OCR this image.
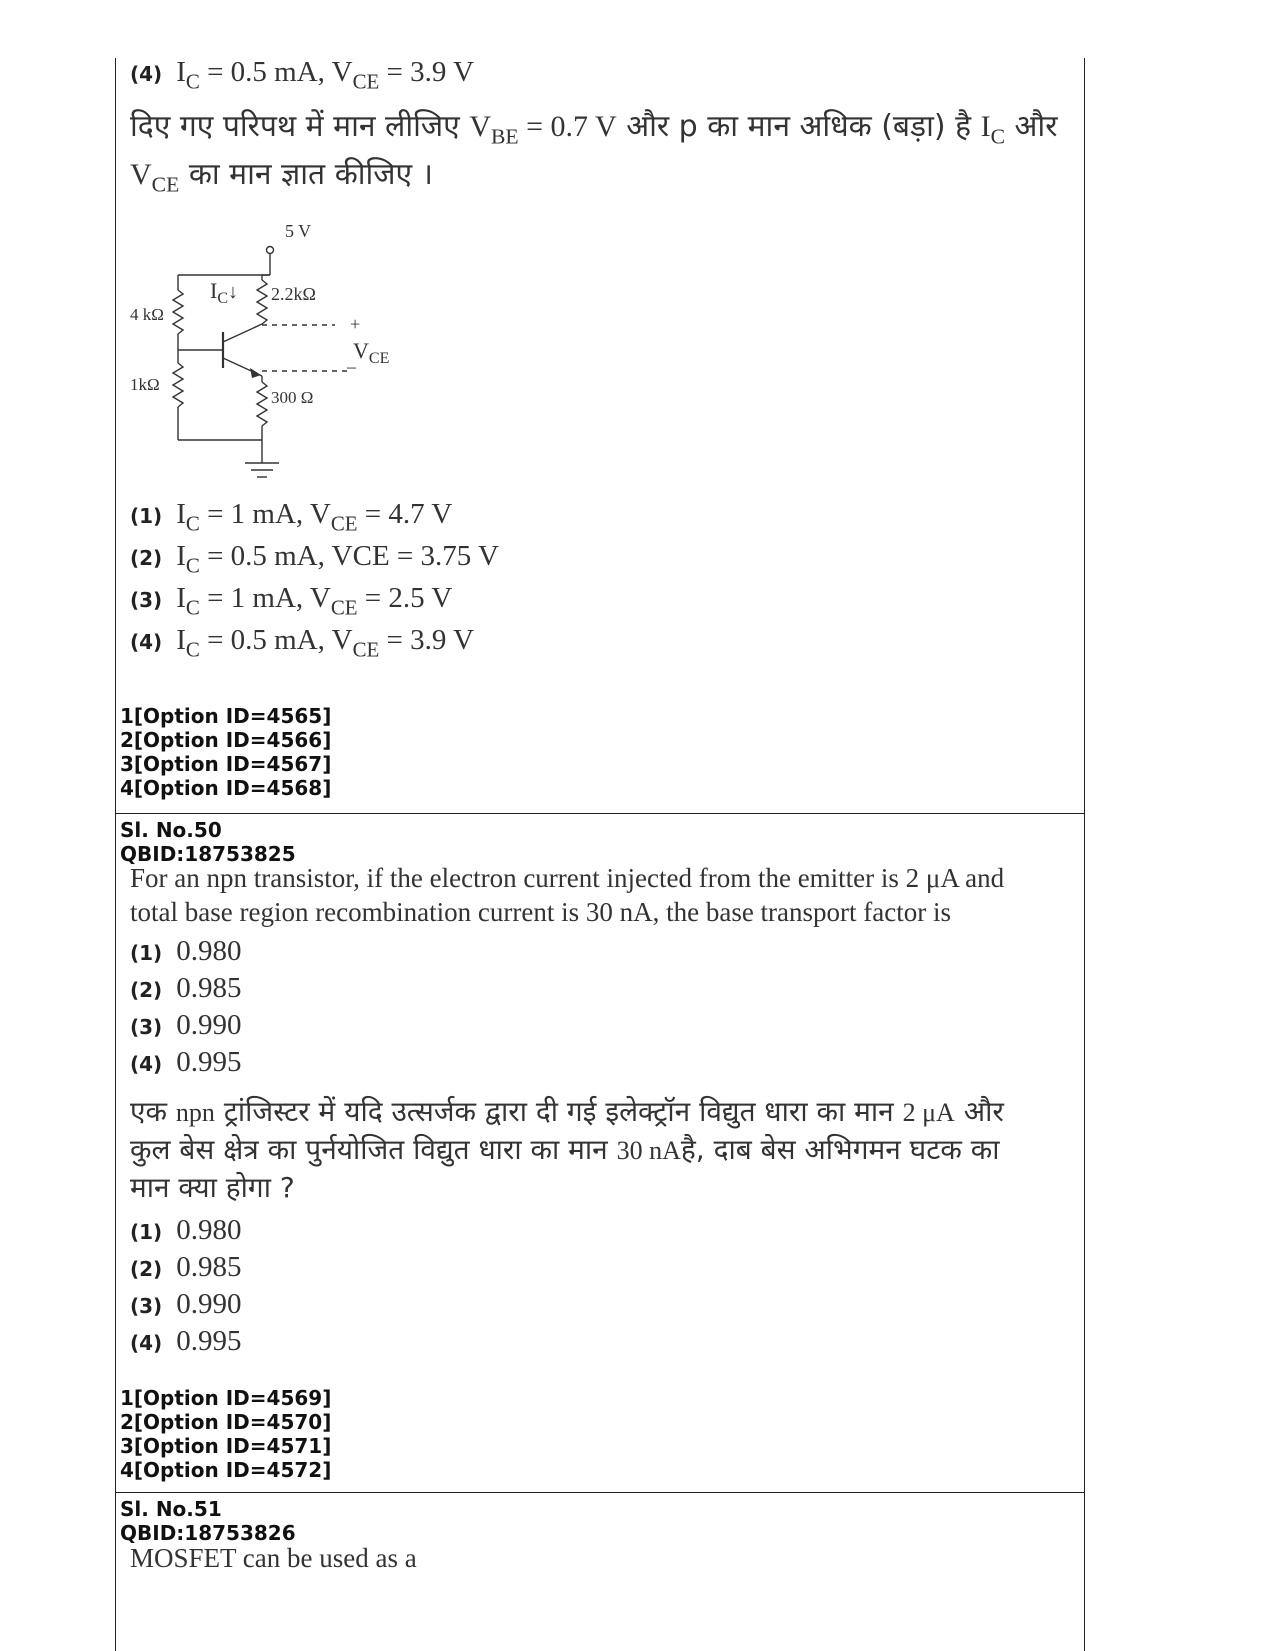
(4) $I_C = 0.5$ mA, $V_{CE} = 3.9$ V
दिए गए परिपथ में मान लीजिए $V_{BE} = 0.7$ V और p का मान अधिक (बड़ा) है $I_C$ और
$V_{CE}$ का मान ज्ञात कीजिए ।
5 V
4 kΩ
1kΩ
2.2kΩ
300 Ω
$I_C↓$
+
_
$V_{CE}$
(1) $I_C = 1$ mA, $V_{CE} = 4.7$ V
(2) $I_C = 0.5$ mA, VCE = 3.75 V
(3) $I_C = 1$ mA, $V_{CE} = 2.5$ V
(4) $I_C = 0.5$ mA, $V_{CE} = 3.9$ V
1[Option ID=4565]
2[Option ID=4566]
3[Option ID=4567]
4[Option ID=4568]
Sl. No.50
QBID:18753825
For an npn transistor, if the electron current injected from the emitter is 2 μA and
total base region recombination current is 30 nA, the base transport factor is
(1) 0.980
(2) 0.985
(3) 0.990
(4) 0.995
एक npn ट्रांजिस्टर में यदि उत्सर्जक द्वारा दी गई इलेक्ट्रॉन विद्युत धारा का मान 2 μA और
कुल बेस क्षेत्र का पुर्नयोजित विद्युत धारा का मान 30 nAहै, दाब बेस अभिगमन घटक का
मान क्या होगा ?
(1) 0.980
(2) 0.985
(3) 0.990
(4) 0.995
1[Option ID=4569]
2[Option ID=4570]
3[Option ID=4571]
4[Option ID=4572]
Sl. No.51
QBID:18753826
MOSFET can be used as a
